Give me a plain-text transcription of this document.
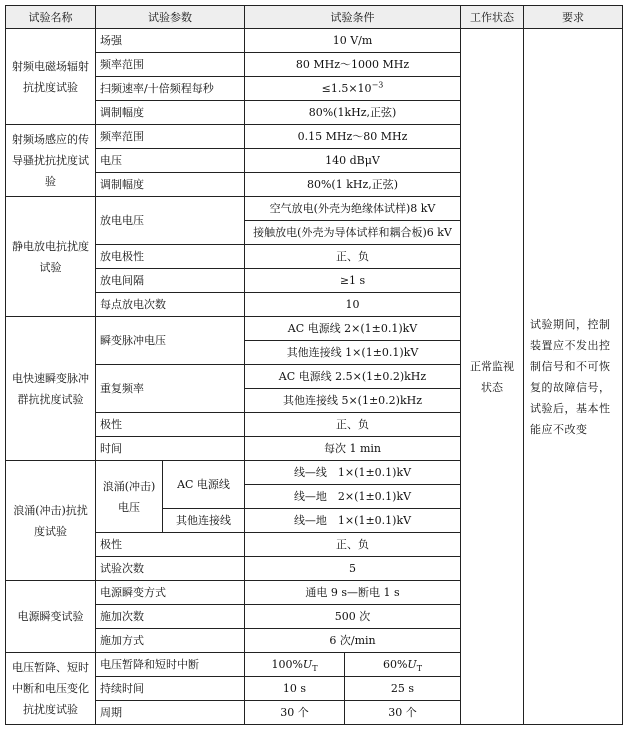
试验名称	试验参数		试验条件		工作状态	要求
射频电磁场辐射抗扰度试验	场强		10 V/m		正常监视状态	试验期间，控制装置应不发出控制信号和不可恢复的故障信号，试验后，基本性能应不改变
	频率范围		80 MHz～1000 MHz			
	扫频速率/十倍频程每秒		$\le 1.5\times 10^{-3}$
	调制幅度		80%(1kHz,正弦)			
射频场感应的传导骚扰抗扰度试验	频率范围		0.15 MHz～80 MHz			
	电压		140 dBμV			
	调制幅度		80%(1 kHz,正弦)			
静电放电抗扰度试验	放电电压		空气放电(外壳为绝缘体试样)8 kV			
			接触放电(外壳为导体试样和耦合板)6 kV			
	放电极性		正、负			
	放电间隔		≥1 s			
	每点放电次数		10			
电快速瞬变脉冲群抗扰度试验	瞬变脉冲电压		AC 电源线 2×(1±0.1)kV			
			其他连接线 1×(1±0.1)kV			
	重复频率		AC 电源线 2.5×(1±0.2)kHz			
			其他连接线 5×(1±0.2)kHz			
	极性		正、负			
	时间		每次 1 min			
浪涌(冲击)抗扰度试验	浪涌(冲击)电压	AC 电源线	线—线　1×(1±0.1)kV			
			线—地　2×(1±0.1)kV			
		其他连接线	线—地　1×(1±0.1)kV			
	极性		正、负			
	试验次数		5			
电源瞬变试验	电源瞬变方式		通电 9 s—断电 1 s			
	施加次数		500 次			
	施加方式		6 次/min			
电压暂降、短时中断和电压变化抗扰度试验	电压暂降和短时中断		$100\%U_T$	$60\%U_T$
	持续时间		10 s	25 s		
	周期		30 个	30 个		
